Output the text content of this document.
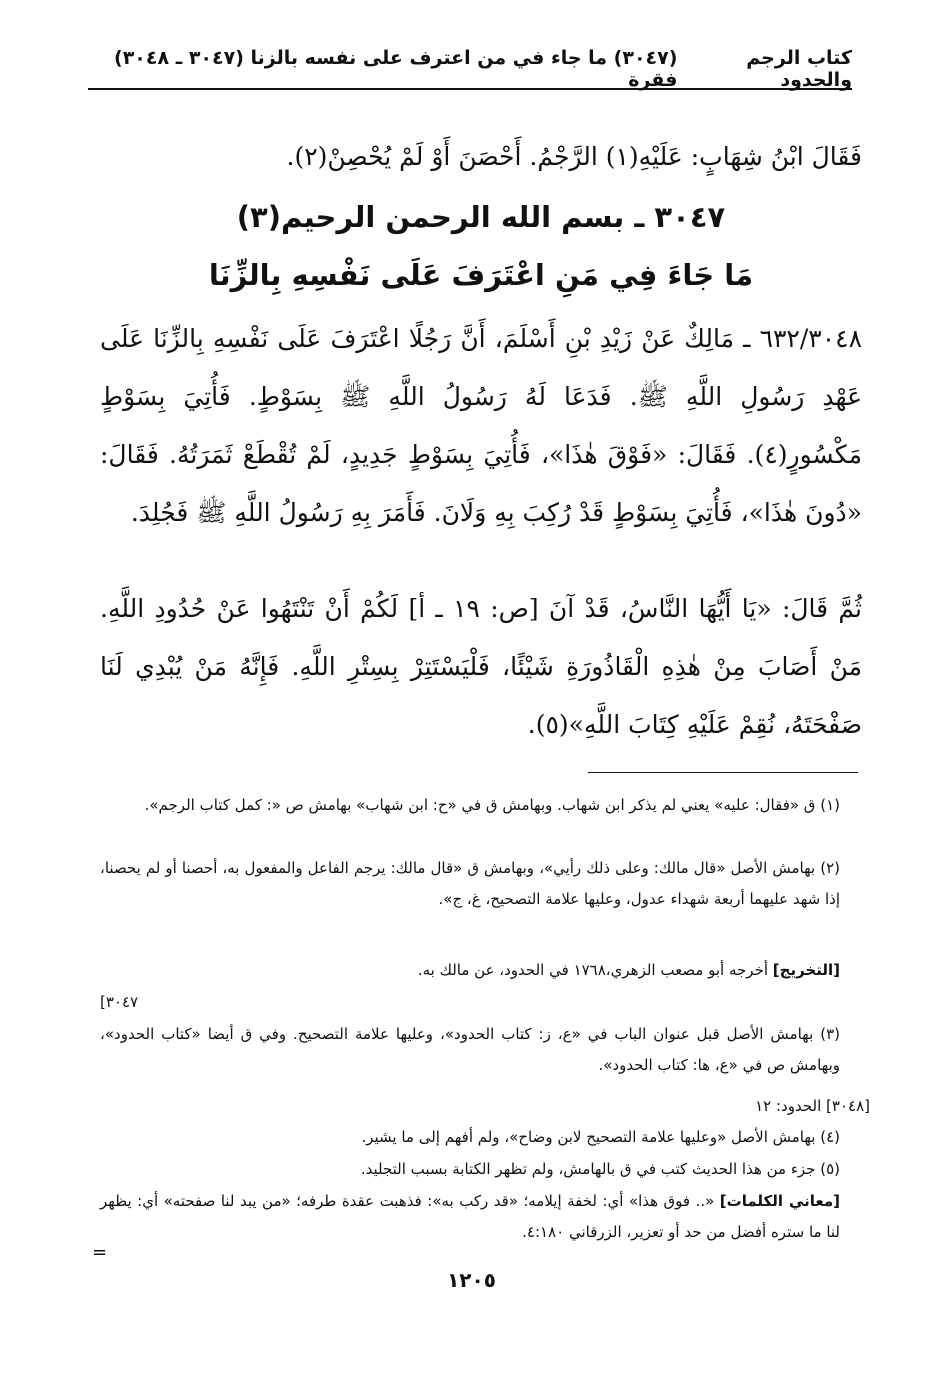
كتاب الرجم والحدود
(٣٠٤٧) ما جاء في من اعترف على نفسه بالزنا (٣٠٤٧ ـ ٣٠٤٨) فقرة
فَقَالَ ابْنُ شِهَابٍ: عَلَيْهِ(١) الرَّجْمُ. أَحْصَنَ أَوْ لَمْ يُحْصِنْ(٢).
٣٠٤٧ ـ بسم الله الرحمن الرحيم(٣)
مَا جَاءَ فِي مَنِ اعْتَرَفَ عَلَى نَفْسِهِ بِالزِّنَا
٦٣٢/٣٠٤٨ ـ مَالِكٌ عَنْ زَيْدِ بْنِ أَسْلَمَ، أَنَّ رَجُلًا اعْتَرَفَ عَلَى نَفْسِهِ بِالزِّنَا عَلَى عَهْدِ رَسُولِ اللَّهِ ﷺ. فَدَعَا لَهُ رَسُولُ اللَّهِ ﷺ بِسَوْطٍ. فَأُتِيَ بِسَوْطٍ مَكْسُورٍ(٤). فَقَالَ: «فَوْقَ هٰذَا»، فَأُتِيَ بِسَوْطٍ جَدِيدٍ، لَمْ تُقْطَعْ ثَمَرَتُهُ. فَقَالَ: «دُونَ هٰذَا»، فَأُتِيَ بِسَوْطٍ قَدْ رُكِبَ بِهِ وَلَانَ. فَأَمَرَ بِهِ رَسُولُ اللَّهِ ﷺ فَجُلِدَ.
ثُمَّ قَالَ: «يَا أَيُّهَا النَّاسُ، قَدْ آنَ [ص: ١٩ ـ أ] لَكُمْ أَنْ تَنْتَهُوا عَنْ حُدُودِ اللَّهِ. مَنْ أَصَابَ مِنْ هٰذِهِ الْقَاذُورَةِ شَيْئًا، فَلْيَسْتَتِرْ بِسِتْرِ اللَّهِ. فَإِنَّهُ مَنْ يُبْدِي لَنَا صَفْحَتَهُ، نُقِمْ عَلَيْهِ كِتَابَ اللَّهِ»(٥).
(١) ق «فقال: عليه» يعني لم يذكر ابن شهاب. وبهامش ق في «ح: ابن شهاب» بهامش ص «: كمل كتاب الرجم».
(٢) بهامش الأصل «قال مالك: وعلى ذلك رأيي»، وبهامش ق «قال مالك: يرجم الفاعل والمفعول به، أحصنا أو لم يحصنا، إذا شهد عليهما أربعة شهداء عدول، وعليها علامة التصحيح، غ، ج».
[التخريج] أخرجه أبو مصعب الزهري،١٧٦٨ في الحدود، عن مالك به.
[٣٠٤٧
(٣) بهامش الأصل قبل عنوان الباب في «ع، ز: كتاب الحدود»، وعليها علامة التصحيح. وفي ق أيضا «كتاب الحدود»، وبهامش ص في «ع، ها: كتاب الحدود».
[٣٠٤٨] الحدود: ١٢
(٤) بهامش الأصل «وعليها علامة التصحيح لابن وضاح»، ولم أفهم إلى ما يشير.
(٥) جزء من هذا الحديث كتب في ق بالهامش، ولم تظهر الكتابة بسبب التجليد.
[معاني الكلمات] «.. فوق هذا» أي: لخفة إيلامه؛ «قد ركب به»: فذهبت عقدة طرفه؛ «من يبد لنا صفحته» أي: يظهر لنا ما ستره أفضل من حد أو تعزير، الزرقاني ٤:١٨٠.
=
١٢٠٥
